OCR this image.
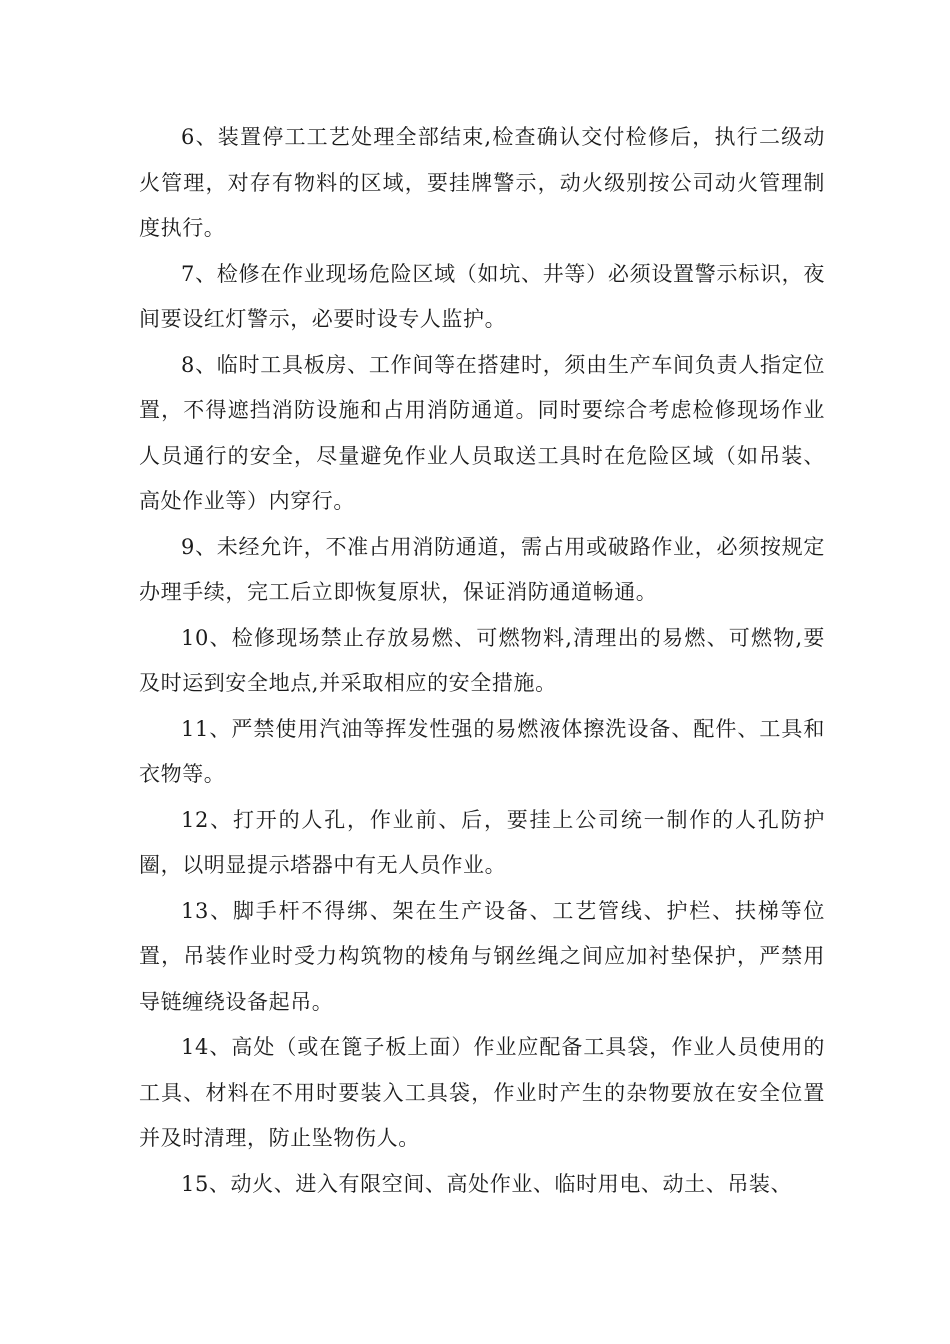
6、装置停工工艺处理全部结束,检查确认交付检修后，执行二级动火管理，对存有物料的区域，要挂牌警示，动火级别按公司动火管理制度执行。

7、检修在作业现场危险区域（如坑、井等）必须设置警示标识，夜间要设红灯警示，必要时设专人监护。

8、临时工具板房、工作间等在搭建时，须由生产车间负责人指定位置，不得遮挡消防设施和占用消防通道。同时要综合考虑检修现场作业人员通行的安全，尽量避免作业人员取送工具时在危险区域（如吊装、高处作业等）内穿行。

9、未经允许，不准占用消防通道，需占用或破路作业，必须按规定办理手续，完工后立即恢复原状，保证消防通道畅通。

10、检修现场禁止存放易燃、可燃物料,清理出的易燃、可燃物,要及时运到安全地点,并采取相应的安全措施。

11、严禁使用汽油等挥发性强的易燃液体擦洗设备、配件、工具和衣物等。

12、打开的人孔，作业前、后，要挂上公司统一制作的人孔防护圈，以明显提示塔器中有无人员作业。

13、脚手杆不得绑、架在生产设备、工艺管线、护栏、扶梯等位置，吊装作业时受力构筑物的棱角与钢丝绳之间应加衬垫保护，严禁用导链缠绕设备起吊。

14、高处（或在篦子板上面）作业应配备工具袋，作业人员使用的工具、材料在不用时要装入工具袋，作业时产生的杂物要放在安全位置并及时清理，防止坠物伤人。

15、动火、进入有限空间、高处作业、临时用电、动土、吊装、
